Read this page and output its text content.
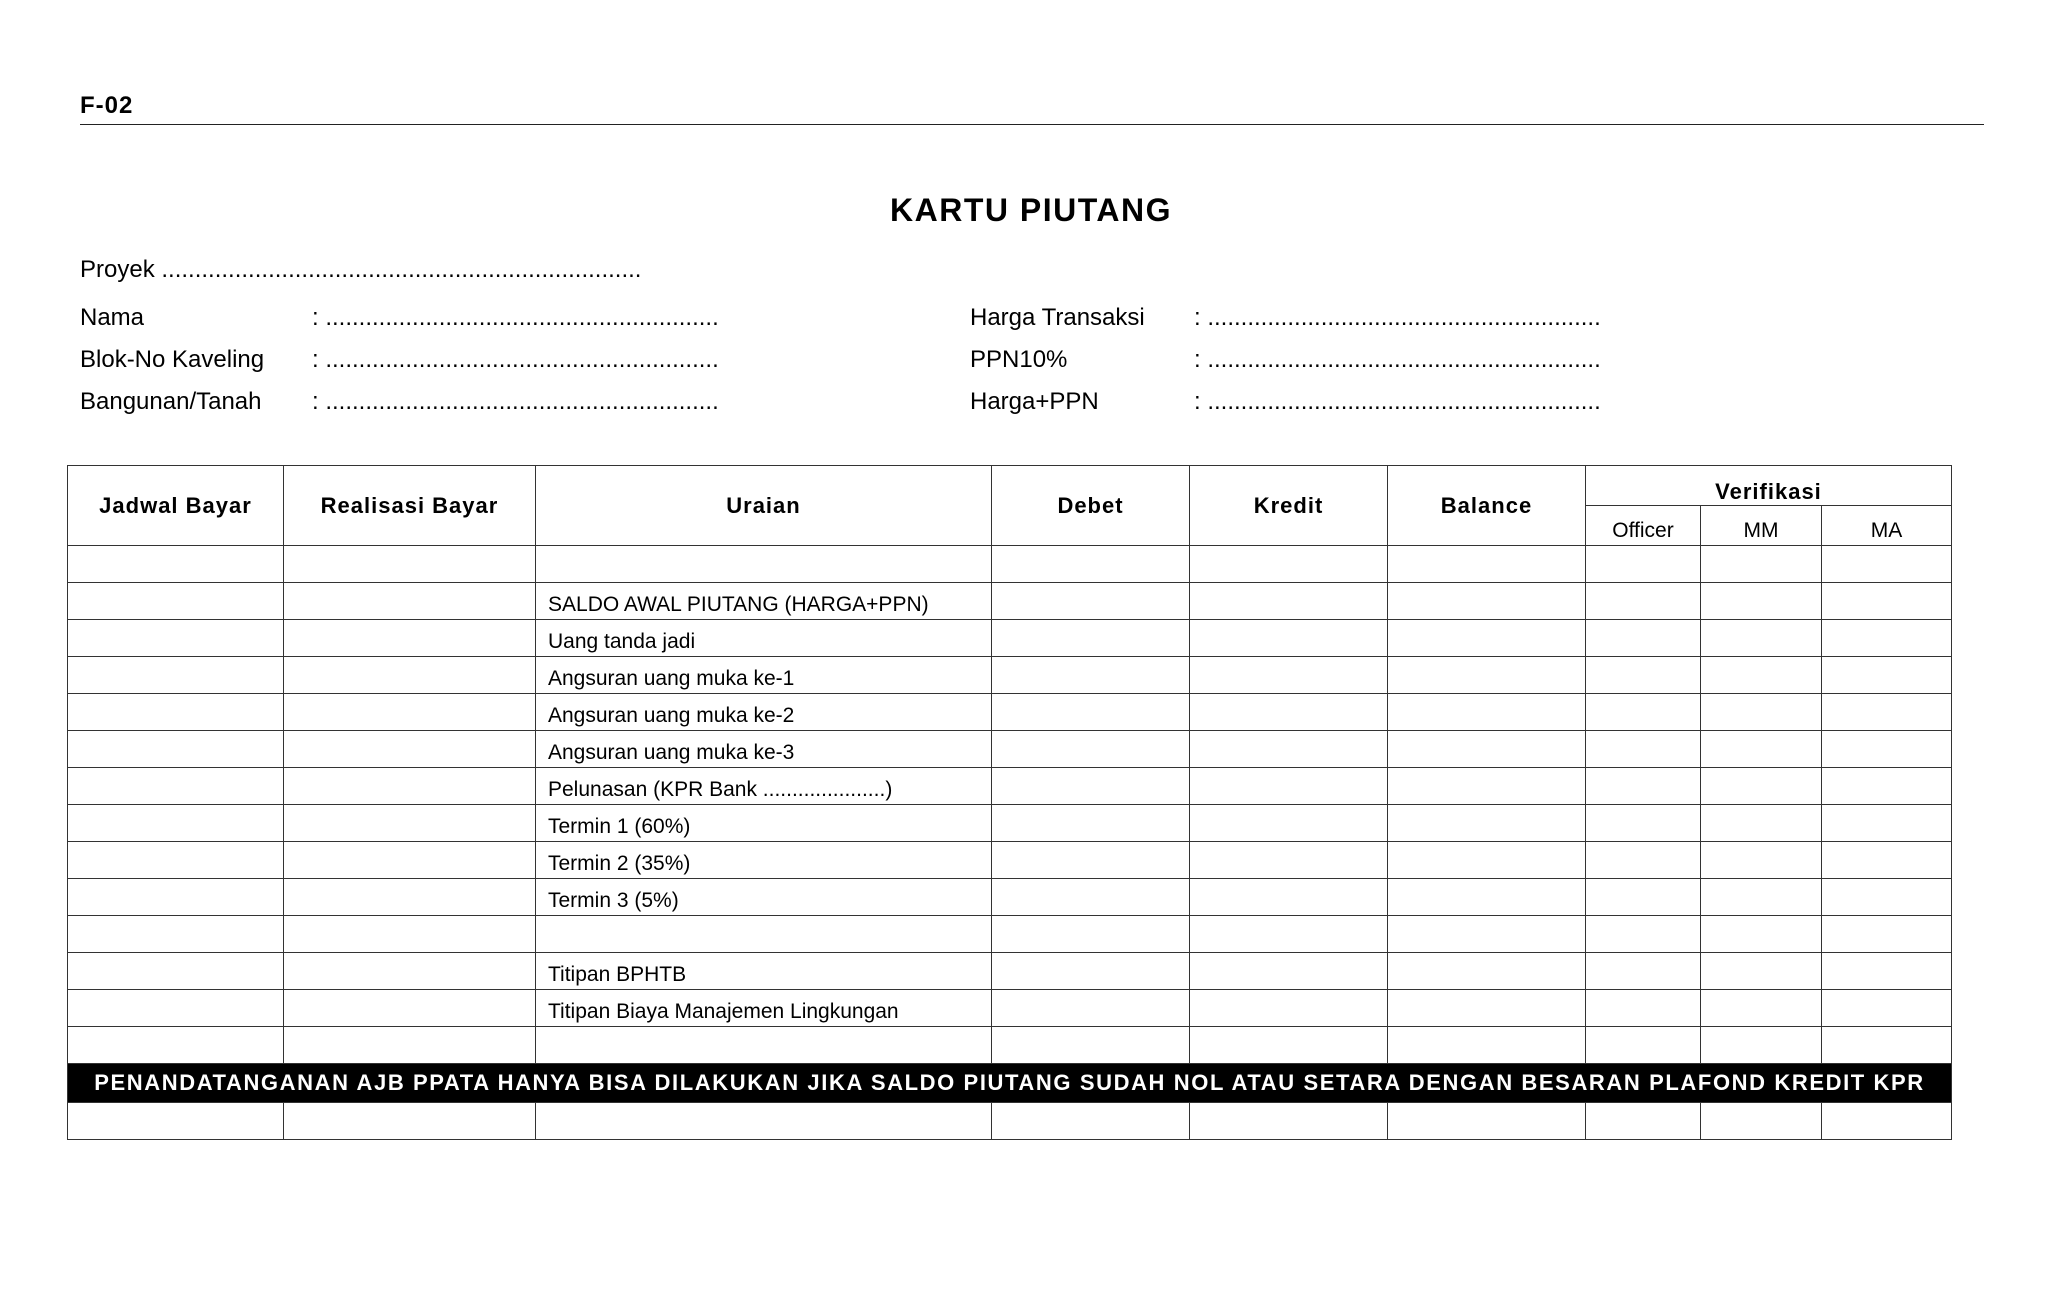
F-02
KARTU PIUTANG
Proyek ........................................................................
Nama	: ...........................................................
Blok-No Kaveling : ...........................................................
Bangunan/Tanah : ...........................................................
Harga Transaksi : ...........................................................
PPN10%	: ...........................................................
Harga+PPN	: ...........................................................
Jadwal Bayar	Realisasi Bayar	Uraian	Debet	Kredit	Balance	Verifikasi		
						Officer	MM	MA

		SALDO AWAL PIUTANG (HARGA+PPN)						
		Uang tanda jadi						
		Angsuran uang muka ke-1						
		Angsuran uang muka ke-2						
		Angsuran uang muka ke-3						
		Pelunasan (KPR Bank .....................)						
		Termin 1 (60%)						
		Termin 2 (35%)						
		Termin 3 (5%)						

		Titipan BPHTB						
		Titipan Biaya Manajemen Lingkungan						

PENANDATANGANAN AJB PPATA HANYA BISA DILAKUKAN JIKA SALDO PIUTANG SUDAH NOL ATAU SETARA DENGAN BESARAN PLAFOND KREDIT KPR								
